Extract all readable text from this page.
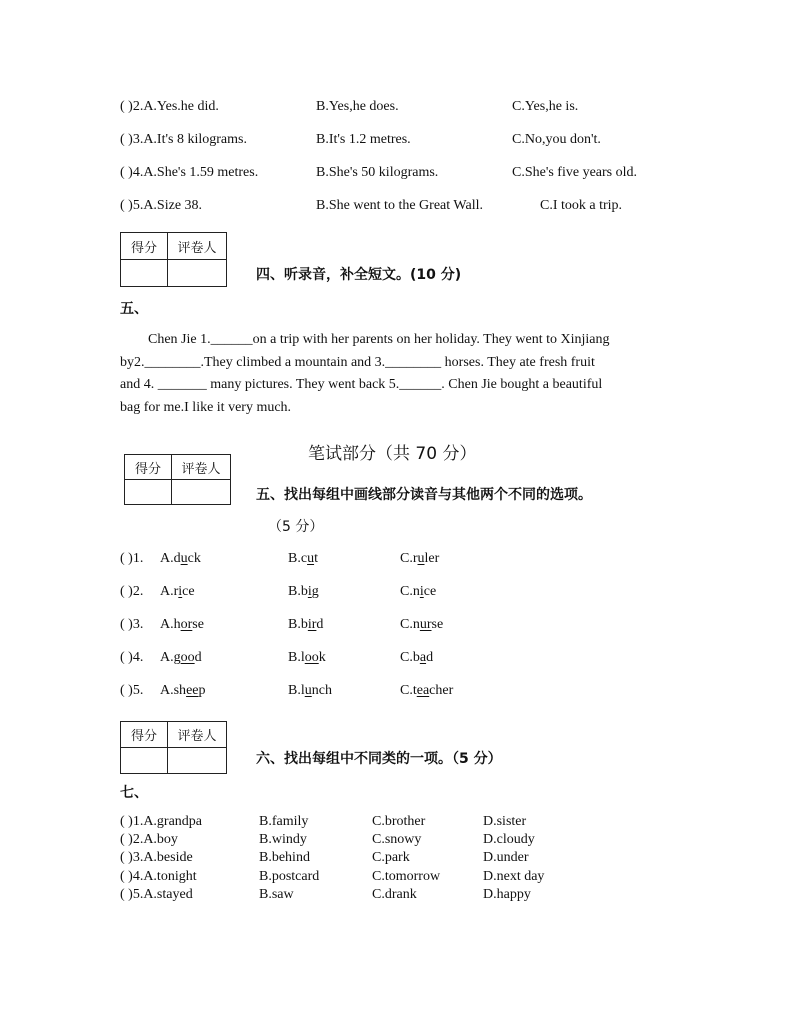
( )2.A.Yes.he did.	B.Yes,he does.	C.Yes,he is.
( )3.A.It's 8 kilograms.	B.It's 1.2 metres.	C.No,you don't.
( )4.A.She's 1.59 metres.	B.She's 50 kilograms.	C.She's five years old.
( )5.A.Size 38.	B.She went to the Great Wall.	C.I took a trip.
得分	评卷人

四、听录音，补全短文。(10 分)
五、
Chen Jie 1.______on a trip with her parents on her holiday. They went to Xinjiang
by2.________.They climbed a mountain and 3.________ horses. They ate fresh fruit
and 4. _______ many pictures. They went back 5.______. Chen Jie bought a beautiful
bag for me.I like it very much.
笔试部分（共 70 分）
得分	评卷人

五、找出每组中画线部分读音与其他两个不同的选项。
（5 分）
( )1. A.duck	B.cut	C.ruler
( )2. A.rice	B.big	C.nice
( )3. A.horse	B.bird	C.nurse
( )4. A.good	B.look	C.bad
( )5. A.sheep	B.lunch	C.teacher
得分	评卷人

六、找出每组中不同类的一项。（5 分）
七、
( )1.A.grandpa	B.family	C.brother	D.sister
( )2.A.boy	B.windy	C.snowy	D.cloudy
( )3.A.beside	B.behind	C.park	D.under
( )4.A.tonight	B.postcard	C.tomorrow	D.next day
( )5.A.stayed	B.saw	C.drank	D.happy
